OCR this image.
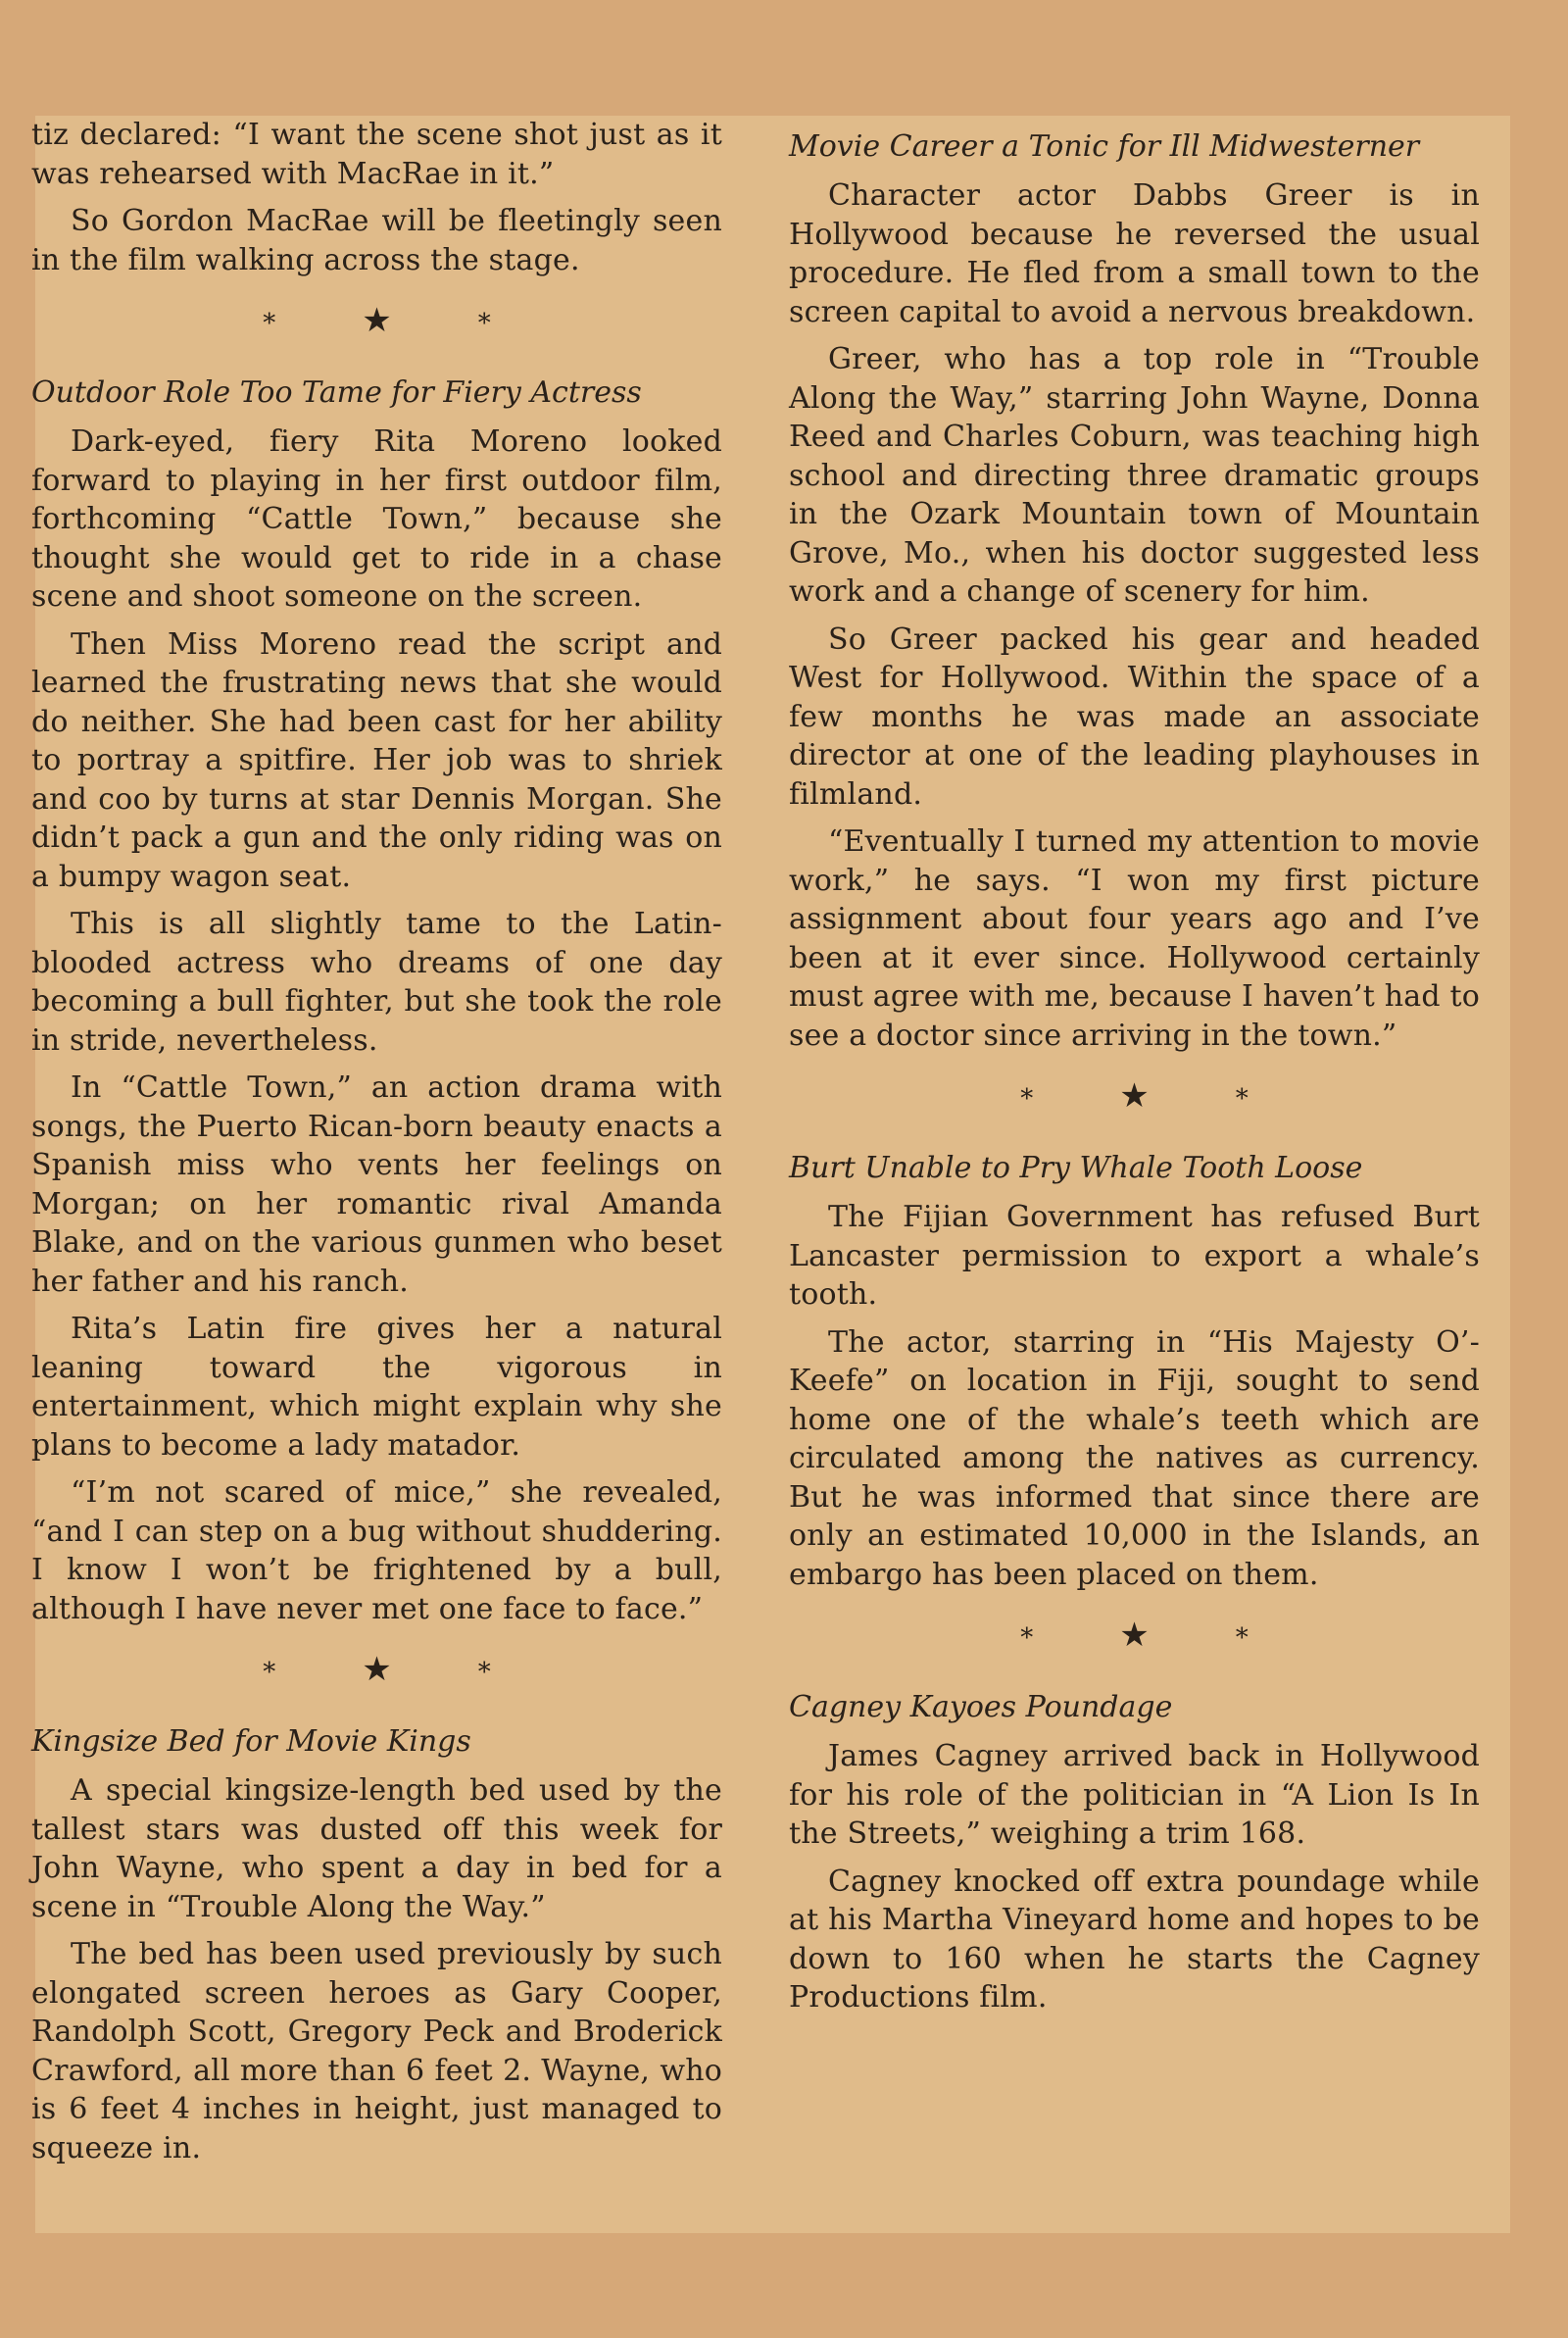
tiz declared: “I want the scene shot just as it was rehearsed with MacRae in it.”

So Gordon MacRae will be fleetingly seen in the film walking across the stage.

*	★	*
Outdoor Role Too Tame for Fiery Actress

Dark-eyed, fiery Rita Moreno looked forward to playing in her first outdoor film, forthcoming “Cattle Town,” because she thought she would get to ride in a chase scene and shoot someone on the screen.

Then Miss Moreno read the script and learned the frustrating news that she would do neither. She had been cast for her ability to portray a spitfire. Her job was to shriek and coo by turns at star Dennis Morgan. She didn’t pack a gun and the only riding was on a bumpy wagon seat.

This is all slightly tame to the Latin-blooded actress who dreams of one day becoming a bull fighter, but she took the role in stride, nevertheless.

In “Cattle Town,” an action drama with songs, the Puerto Rican-born beauty enacts a Spanish miss who vents her feelings on Morgan; on her romantic rival Amanda Blake, and on the various gunmen who beset her father and his ranch.

Rita’s Latin fire gives her a natural leaning toward the vigorous in entertainment, which might explain why she plans to become a lady matador.

“I’m not scared of mice,” she revealed, “and I can step on a bug without shuddering. I know I won’t be frightened by a bull, although I have never met one face to face.”

*	★	*
Kingsize Bed for Movie Kings

A special kingsize-length bed used by the tallest stars was dusted off this week for John Wayne, who spent a day in bed for a scene in “Trouble Along the Way.”

The bed has been used previously by such elongated screen heroes as Gary Cooper, Randolph Scott, Gregory Peck and Broderick Crawford, all more than 6 feet 2. Wayne, who is 6 feet 4 inches in height, just managed to squeeze in.

Movie Career a Tonic for Ill Midwesterner

Character actor Dabbs Greer is in Hollywood because he reversed the usual procedure. He fled from a small town to the screen capital to avoid a nervous breakdown.

Greer, who has a top role in “Trouble Along the Way,” starring John Wayne, Donna Reed and Charles Coburn, was teaching high school and directing three dramatic groups in the Ozark Mountain town of Mountain Grove, Mo., when his doctor suggested less work and a change of scenery for him.

So Greer packed his gear and headed West for Hollywood. Within the space of a few months he was made an associate director at one of the leading playhouses in filmland.

“Eventually I turned my attention to movie work,” he says. “I won my first picture assignment about four years ago and I’ve been at it ever since. Hollywood certainly must agree with me, because I haven’t had to see a doctor since arriving in the town.”

*	★	*
Burt Unable to Pry Whale Tooth Loose

The Fijian Government has refused Burt Lancaster permission to export a whale’s tooth.

The actor, starring in “His Majesty O’-Keefe” on location in Fiji, sought to send home one of the whale’s teeth which are circulated among the natives as currency. But he was informed that since there are only an estimated 10,000 in the Islands, an embargo has been placed on them.

*	★	*
Cagney Kayoes Poundage

James Cagney arrived back in Hollywood for his role of the politician in “A Lion Is In the Streets,” weighing a trim 168.

Cagney knocked off extra poundage while at his Martha Vineyard home and hopes to be down to 160 when he starts the Cagney Productions film.
